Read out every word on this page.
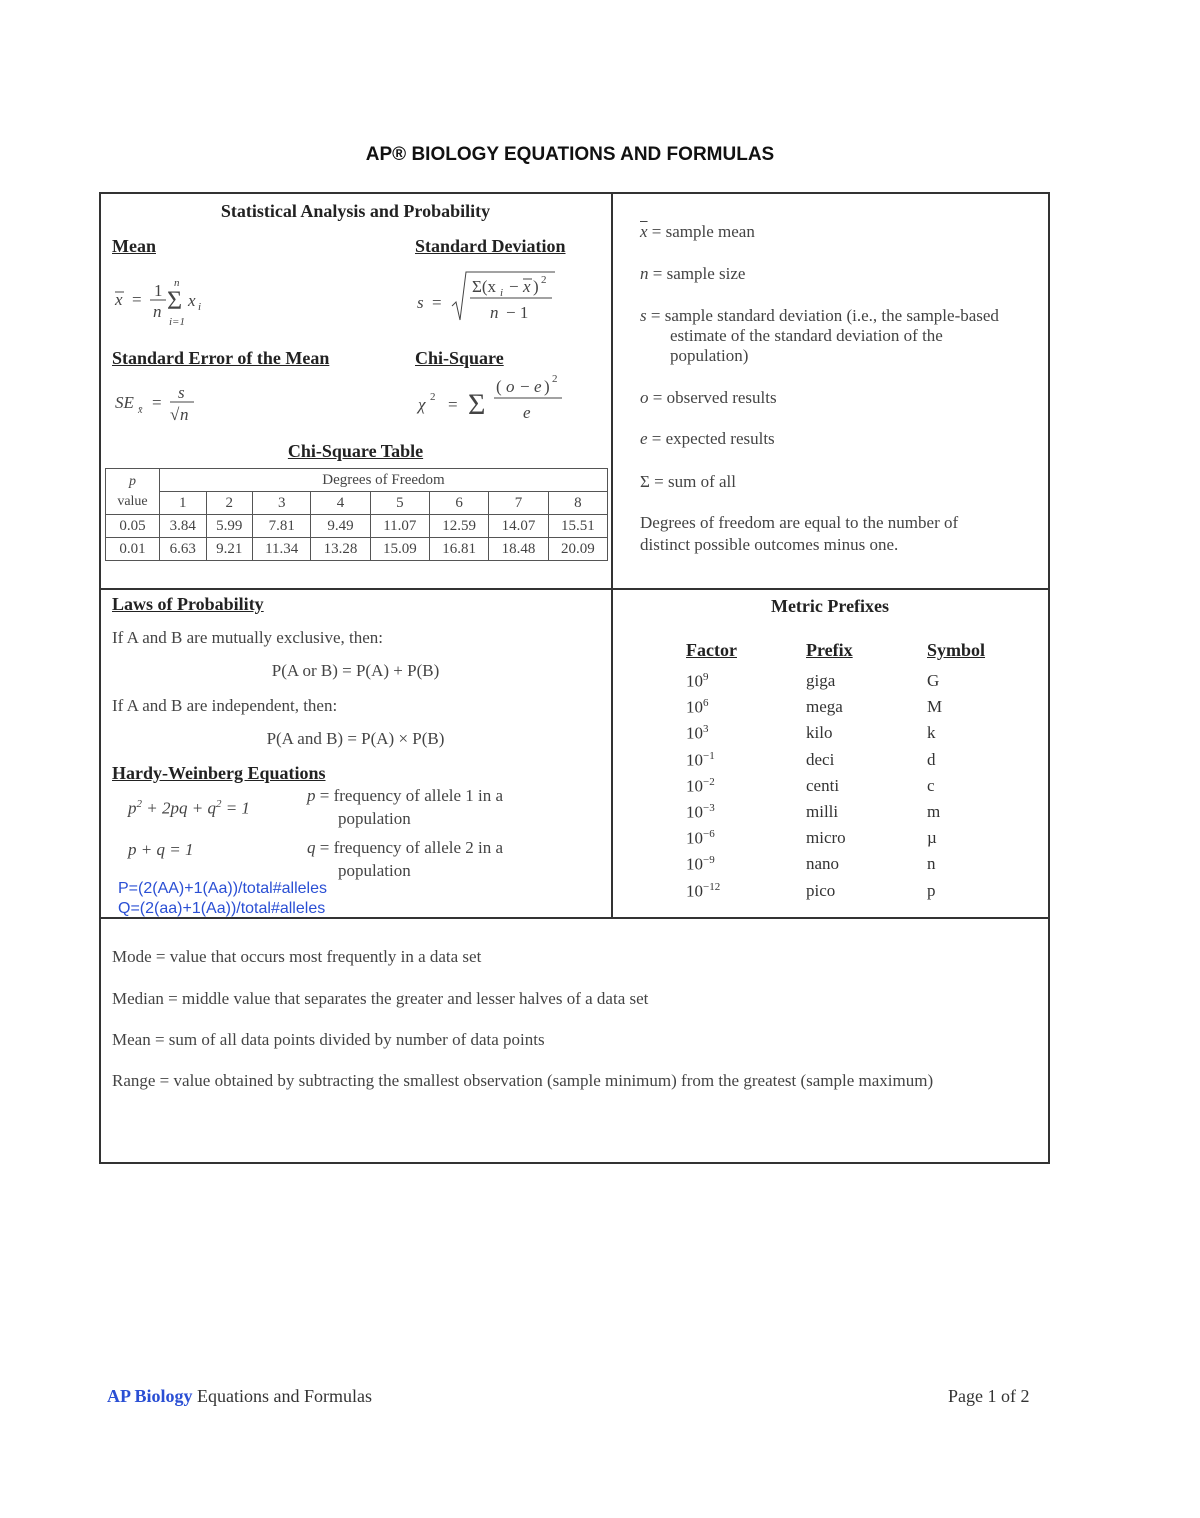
AP® BIOLOGY EQUATIONS AND FORMULAS
Statistical Analysis and Probability
Mean	Standard Deviation
x = 1
n Σ
n
i=1
x i	s =
Σ(x i − x ) 2
n − 1
Standard Error of the Mean	Chi-Square
SE x̄ =
s
√ n
χ 2 = Σ
( o − e ) 2
e
Chi-Square Table
p
value	Degrees of Freedom							
	1	2	3	4	5	6	7	8
0.05	3.84	5.99	7.81	9.49	11.07	12.59	14.07	15.51
0.01	6.63	9.21	11.34	13.28	15.09	16.81	18.48	20.09
$\overline{x}$ = sample mean
n = sample size
s = sample standard deviation (i.e., the sample-based
estimate of the standard deviation of the
population)
o = observed results
e = expected results
Σ = sum of all
Degrees of freedom are equal to the number of
distinct possible outcomes minus one.
Laws of Probability
If A and B are mutually exclusive, then:
P(A or B) = P(A) + P(B)
If A and B are independent, then:
P(A and B) = P(A) × P(B)
Hardy-Weinberg Equations
$p^2 + 2pq + q^2 = 1$
p + q = 1
p = frequency of allele 1 in a
population
q = frequency of allele 2 in a
population
P=(2(AA)+1(Aa))/total#alleles
Q=(2(aa)+1(Aa))/total#alleles
Metric Prefixes
Factor	Prefix	Symbol
$10^9$	giga	G
$10^6$	mega	M
$10^3$	kilo	k
$10^{-1}$	deci	d
$10^{-2}$	centi	c
$10^{-3}$	milli	m
$10^{-6}$	micro	µ
$10^{-9}$	nano	n
$10^{-12}$	pico	p
Mode = value that occurs most frequently in a data set
Median = middle value that separates the greater and lesser halves of a data set
Mean = sum of all data points divided by number of data points
Range = value obtained by subtracting the smallest observation (sample minimum) from the greatest (sample maximum)
AP Biology Equations and Formulas	Page 1 of 2
